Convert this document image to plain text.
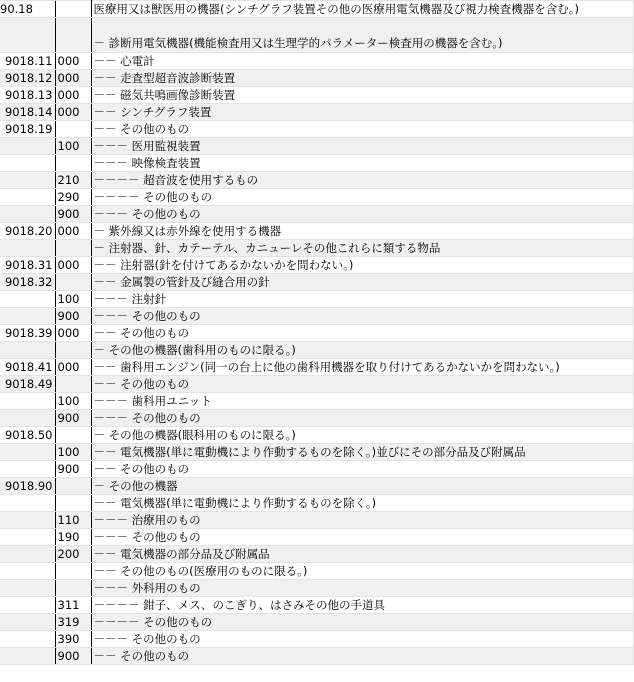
90.18		医療用又は獣医用の機器(シンチグラフ装置その他の医療用電気機器及び視力検査機器を含む。)
		－ 診断用電気機器(機能検査用又は生理学的パラメーター検査用の機器を含む。)
9018.11	000	－－ 心電計
9018.12	000	－－ 走査型超音波診断装置
9018.13	000	－－ 磁気共鳴画像診断装置
9018.14	000	－－ シンチグラフ装置
9018.19		－－ その他のもの
	100	－－－ 医用監視装置
		－－－ 映像検査装置
	210	－－－－ 超音波を使用するもの
	290	－－－－ その他のもの
	900	－－－ その他のもの
9018.20	000	－ 紫外線又は赤外線を使用する機器
		－ 注射器、針、カテーテル、カニューレその他これらに類する物品
9018.31	000	－－ 注射器(針を付けてあるかないかを問わない。)
9018.32		－－ 金属製の管針及び縫合用の針
	100	－－－ 注射針
	900	－－－ その他のもの
9018.39	000	－－ その他のもの
		－ その他の機器(歯科用のものに限る。)
9018.41	000	－－ 歯科用エンジン(同一の台上に他の歯科用機器を取り付けてあるかないかを問わない。)
9018.49		－－ その他のもの
	100	－－－ 歯科用ユニット
	900	－－－ その他のもの
9018.50		－ その他の機器(眼科用のものに限る。)
	100	－－ 電気機器(単に電動機により作動するものを除く。)並びにその部分品及び附属品
	900	－－ その他のもの
9018.90		－ その他の機器
		－－ 電気機器(単に電動機により作動するものを除く。)
	110	－－－ 治療用のもの
	190	－－－ その他のもの
	200	－－ 電気機器の部分品及び附属品
		－－ その他のもの(医療用のものに限る。)
		－－－ 外科用のもの
	311	－－－－ 鉗子、メス、のこぎり、はさみその他の手道具
	319	－－－－ その他のもの
	390	－－－ その他のもの
	900	－－ その他のもの
